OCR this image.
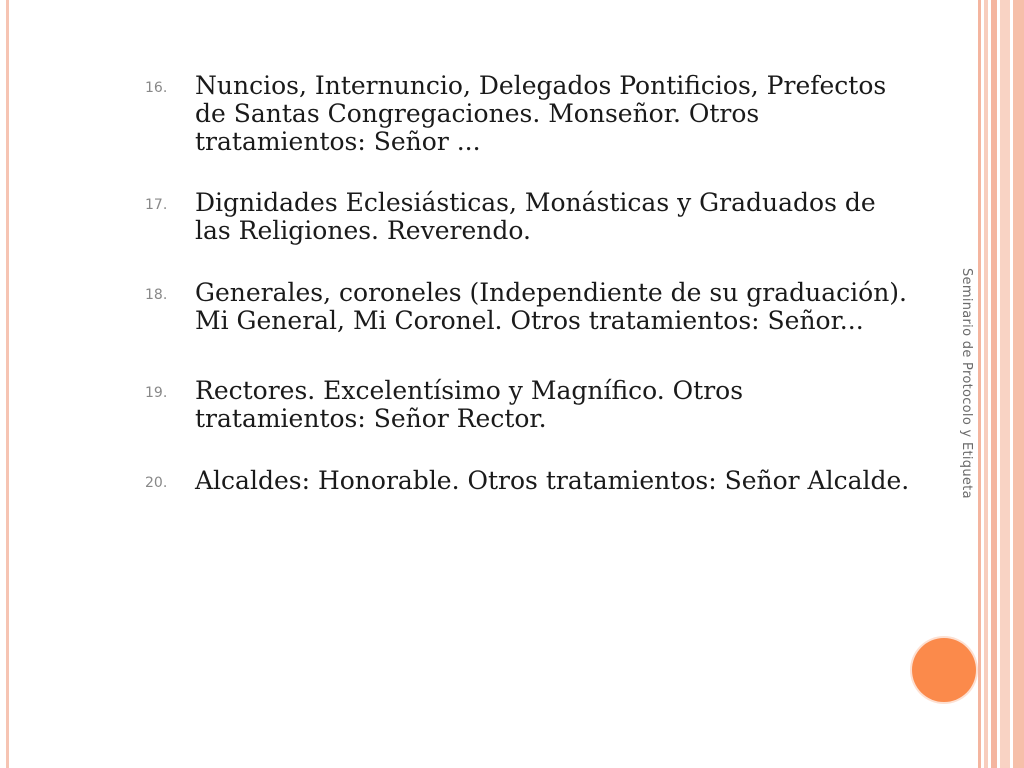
Seminario de Protocolo y Etiqueta
16.	Nuncios, Internuncio, Delegados Pontificios, Prefectos de Santas Congregaciones. Monseñor. Otros tratamientos: Señor ...
17.	Dignidades Eclesiásticas, Monásticas y Graduados de las Religiones. Reverendo.
18.	Generales, coroneles (Independiente de su graduación). Mi General, Mi Coronel. Otros tratamientos: Señor...
19.	Rectores. Excelentísimo y Magnífico. Otros tratamientos: Señor Rector.
20.	Alcaldes: Honorable. Otros tratamientos: Señor Alcalde.
